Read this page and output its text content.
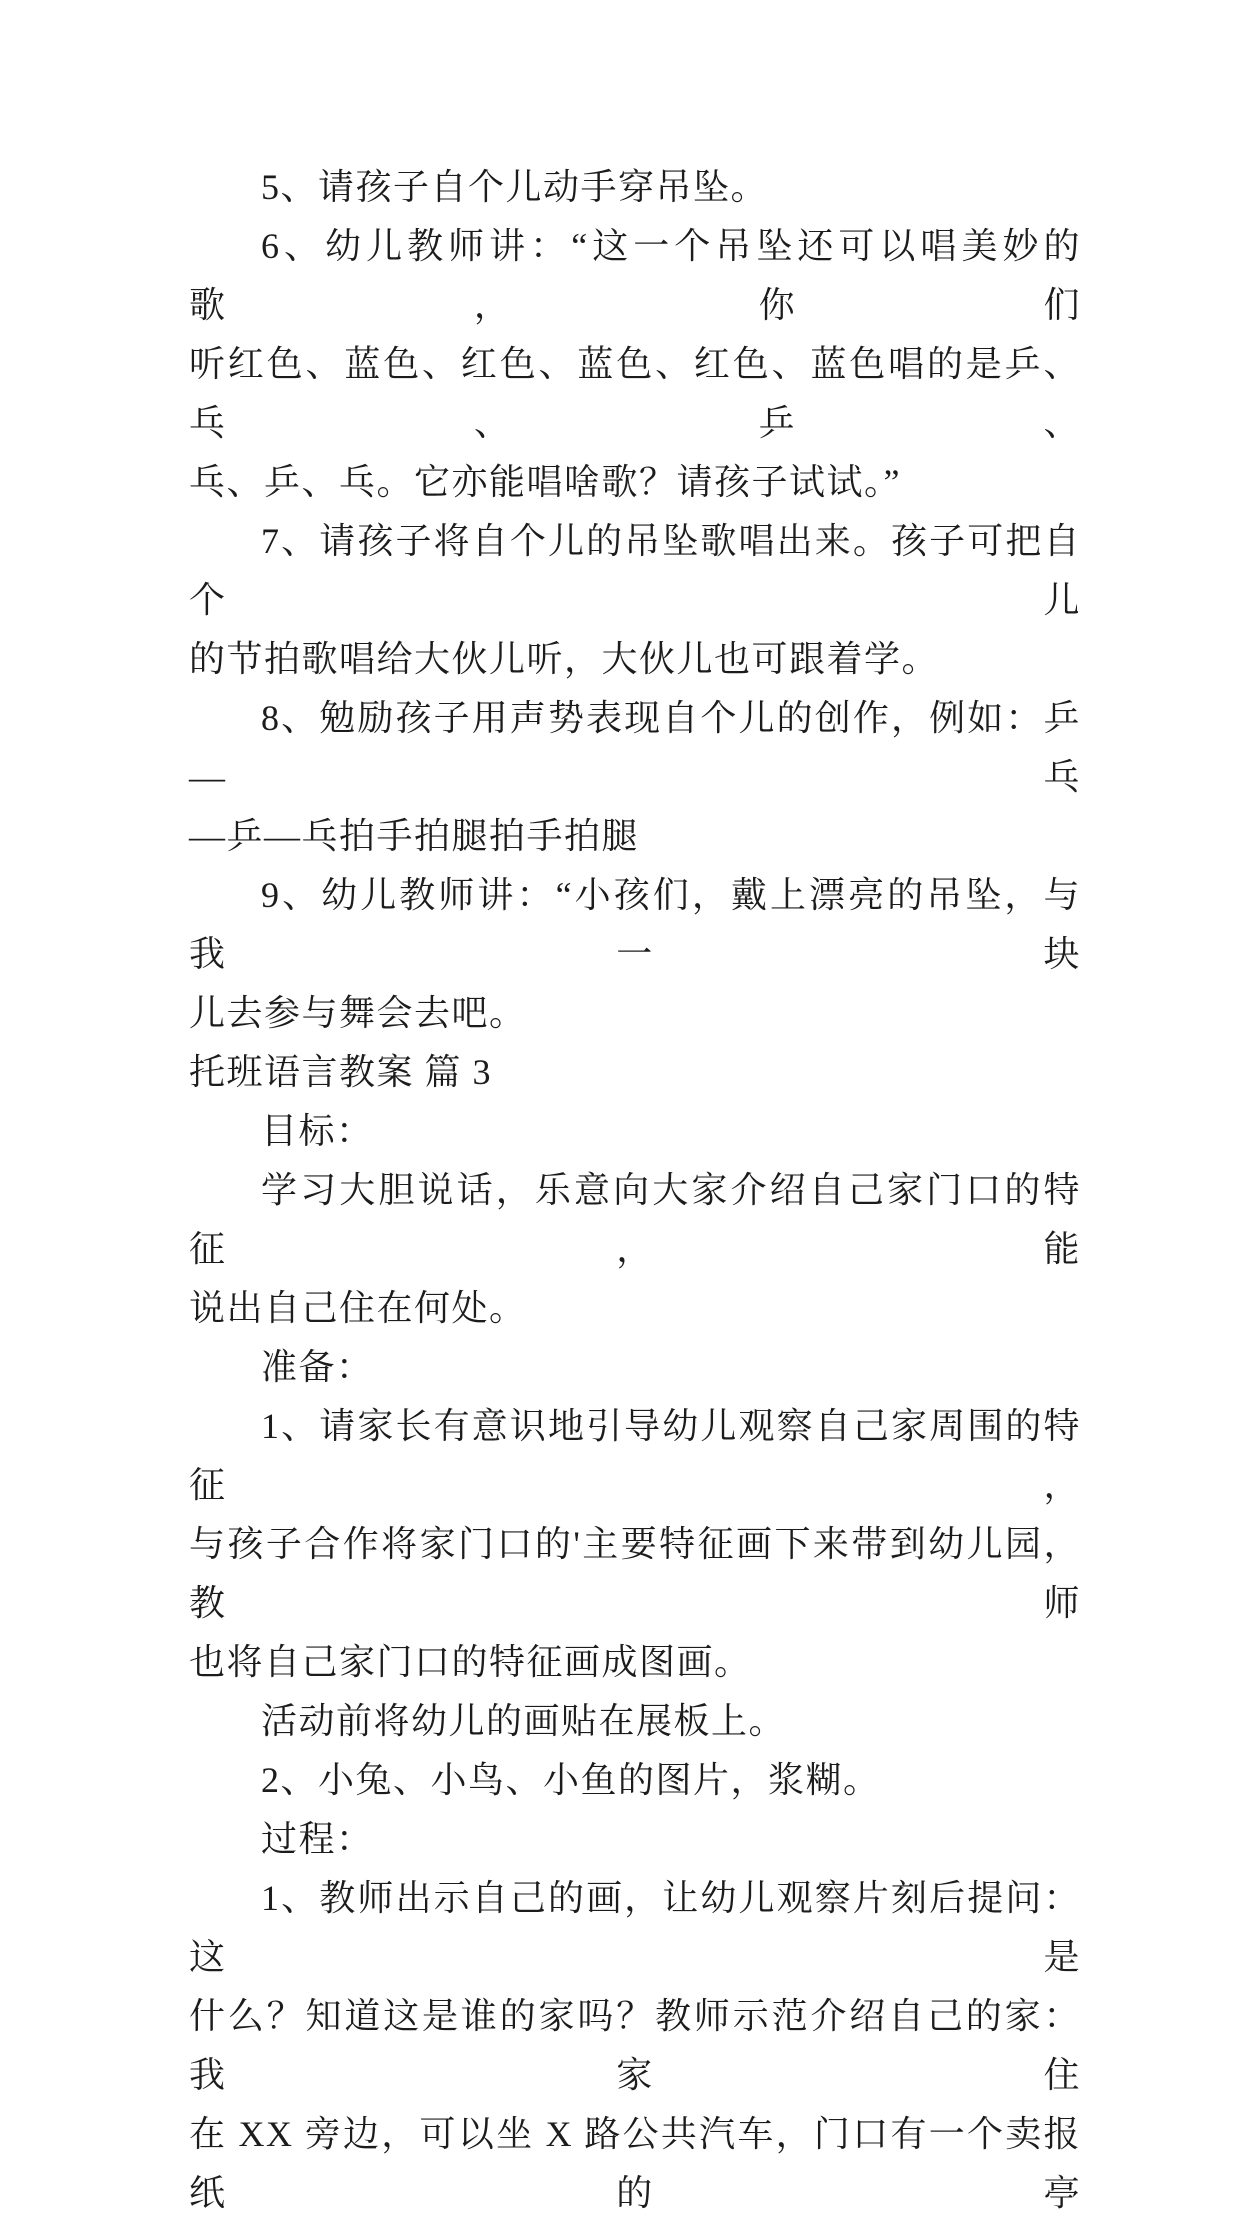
5、请孩子自个儿动手穿吊坠。
6、幼儿教师讲：“这一个吊坠还可以唱美妙的歌，你们
听红色、蓝色、红色、蓝色、红色、蓝色唱的是乒、乓、乒、
乓、乒、乓。它亦能唱啥歌？请孩子试试。”
7、请孩子将自个儿的吊坠歌唱出来。孩子可把自个儿
的节拍歌唱给大伙儿听，大伙儿也可跟着学。
8、勉励孩子用声势表现自个儿的创作，例如：乒—乓
—乒—乓拍手拍腿拍手拍腿
9、幼儿教师讲：“小孩们，戴上漂亮的吊坠，与我一块
儿去参与舞会去吧。
托班语言教案 篇 3
目标：
学习大胆说话，乐意向大家介绍自己家门口的特征，能
说出自己住在何处。
准备：
1、请家长有意识地引导幼儿观察自己家周围的特征，
与孩子合作将家门口的'主要特征画下来带到幼儿园，教师
也将自己家门口的特征画成图画。
活动前将幼儿的画贴在展板上。
2、小兔、小鸟、小鱼的图片，浆糊。
过程：
1、教师出示自己的画，让幼儿观察片刻后提问：这是
什么？知道这是谁的家吗？教师示范介绍自己的家：我家住
在 XX 旁边，可以坐 X 路公共汽车，门口有一个卖报纸的亭
